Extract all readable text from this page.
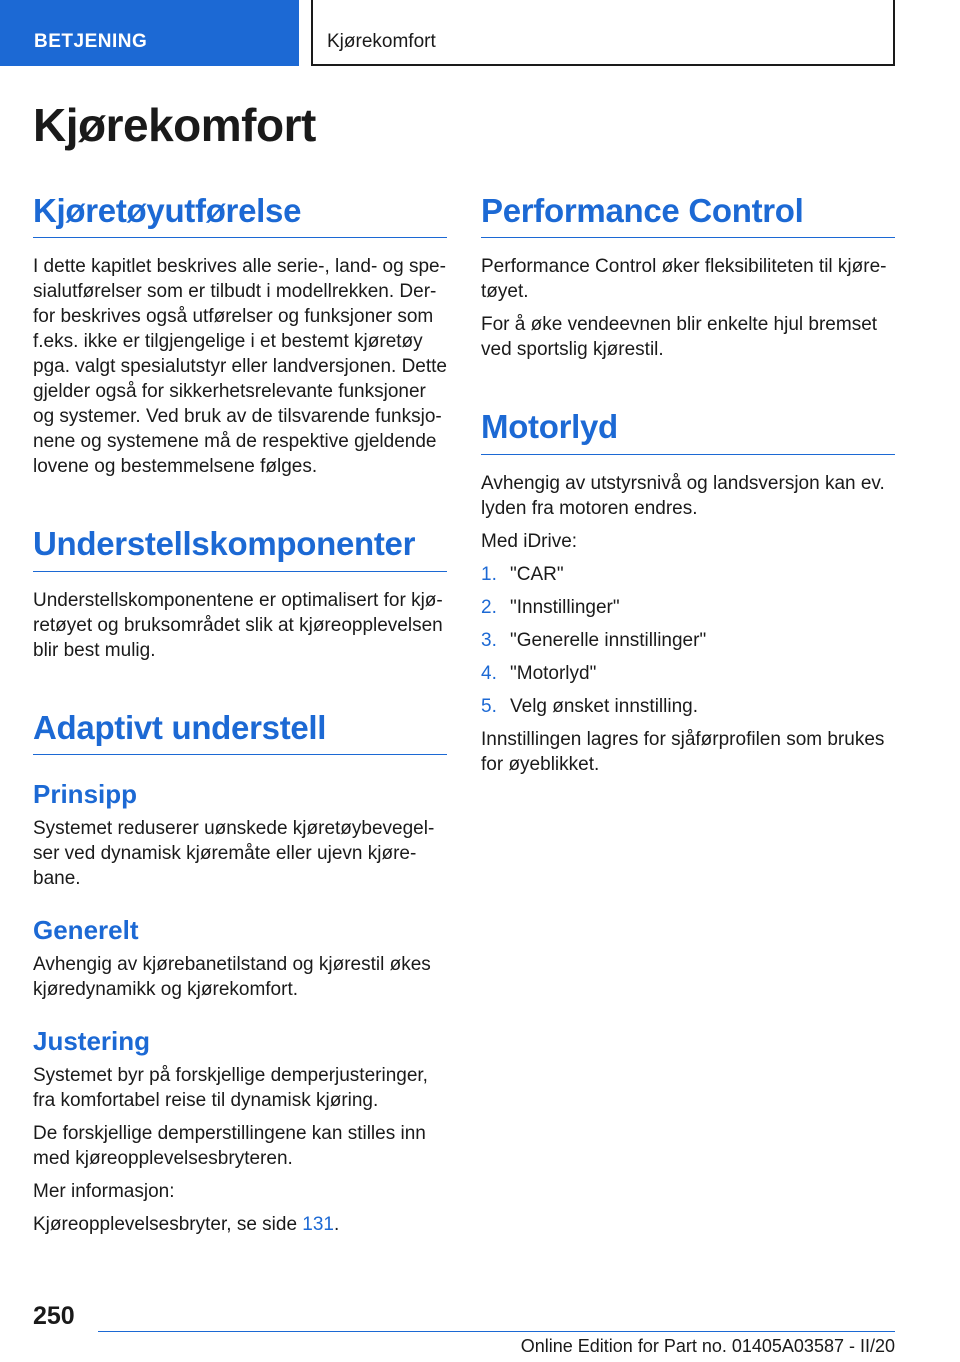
BETJENING	Kjørekomfort
Kjørekomfort
Kjøretøyutførelse

I dette kapitlet beskrives alle serie-, land- og spesialutførelser som er tilbudt i modellrekken. Derfor beskrives også utførelser og funksjoner som f.eks. ikke er tilgjengelige i et bestemt kjøretøy pga. valgt spesialutstyr eller landversjonen. Dette gjelder også for sikkerhetsrelevante funksjoner og systemer. Ved bruk av de tilsvarende funksjonene og systemene må de respektive gjeldende lovene og bestemmelsene følges.

Understellskomponenter

Understellskomponentene er optimalisert for kjøretøyet og bruksområdet slik at kjøreopplevelsen blir best mulig.

Adaptivt understell
Prinsipp

Systemet reduserer uønskede kjøretøybevegelser ved dynamisk kjøremåte eller ujevn kjørebane.

Generelt

Avhengig av kjørebanetilstand og kjørestil økes kjøredynamikk og kjørekomfort.

Justering

Systemet byr på forskjellige demperjusteringer, fra komfortabel reise til dynamisk kjøring.

De forskjellige demperstillingene kan stilles inn med kjøreopplevelsesbryteren.

Mer informasjon:

Kjøreopplevelsesbryter, se side 131.

Performance Control

Performance Control øker fleksibiliteten til kjøretøyet.

For å øke vendeevnen blir enkelte hjul bremset ved sportslig kjørestil.

Motorlyd

Avhengig av utstyrsnivå og landsversjon kan ev. lyden fra motoren endres.

Med iDrive:

1. "CAR"
2. "Innstillinger"
3. "Generelle innstillinger"
4. "Motorlyd"
5. Velg ønsket innstilling.

Innstillingen lagres for sjåførprofilen som brukes for øyeblikket.

250
Online Edition for Part no. 01405A03587 - II/20
